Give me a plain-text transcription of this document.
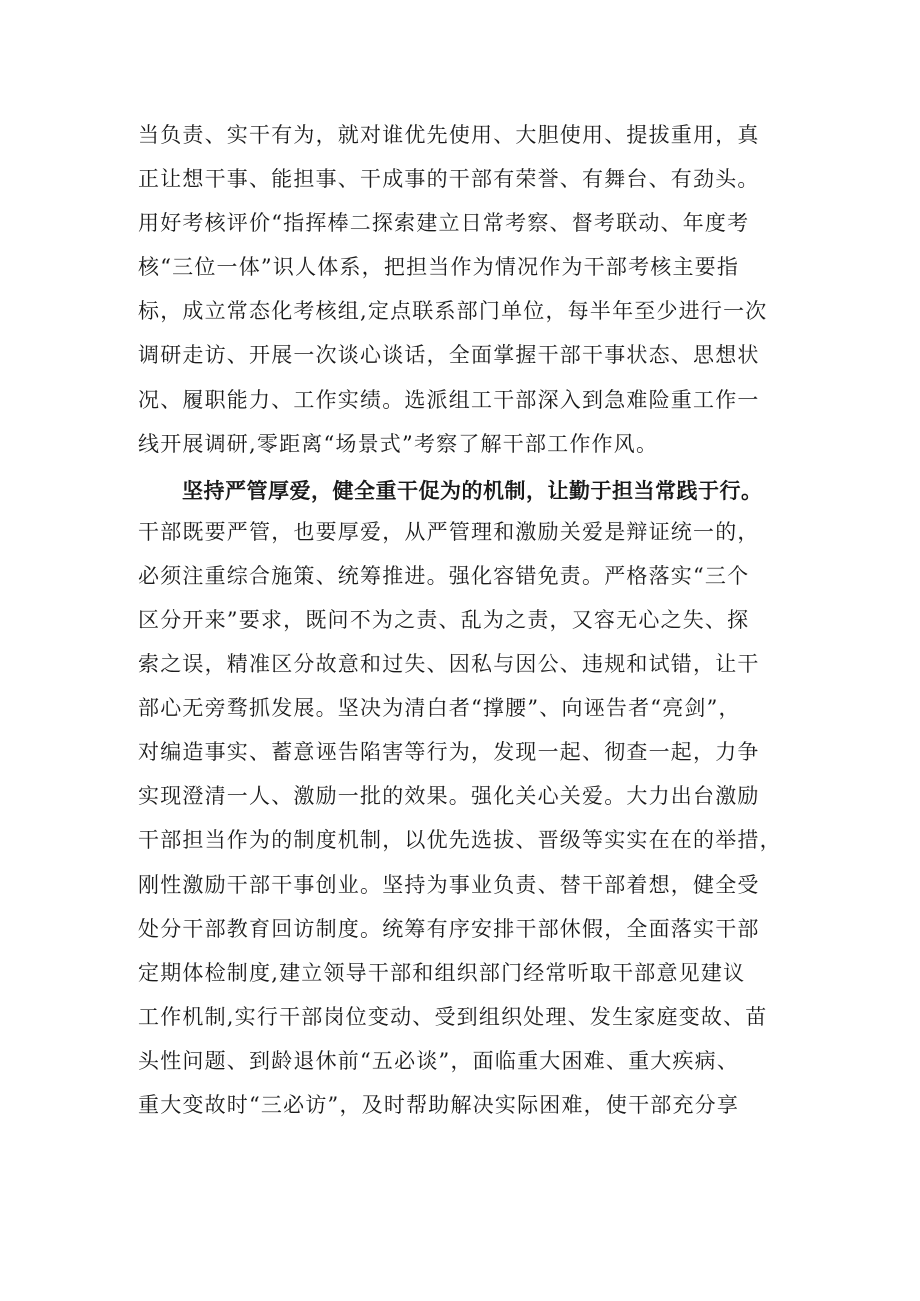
当负责、实干有为，就对谁优先使用、大胆使用、提拔重用，真
正让想干事、能担事、干成事的干部有荣誉、有舞台、有劲头。
用好考核评价“指挥棒二探索建立日常考察、督考联动、年度考
核“三位一体”识人体系，把担当作为情况作为干部考核主要指
标，成立常态化考核组,定点联系部门单位，每半年至少进行一次
调研走访、开展一次谈心谈话，全面掌握干部干事状态、思想状
况、履职能力、工作实绩。选派组工干部深入到急难险重工作一
线开展调研,零距离“场景式”考察了解干部工作作风。
坚持严管厚爱，健全重干促为的机制，让勤于担当常践于行。
干部既要严管，也要厚爱，从严管理和激励关爱是辩证统一的，
必须注重综合施策、统筹推进。强化容错免责。严格落实“三个
区分开来”要求，既问不为之责、乱为之责，又容无心之失、探
索之误，精准区分故意和过失、因私与因公、违规和试错，让干
部心无旁骛抓发展。坚决为清白者“撑腰”、向诬告者“亮剑”，
对编造事实、蓄意诬告陷害等行为，发现一起、彻查一起，力争
实现澄清一人、激励一批的效果。强化关心关爱。大力出台激励
干部担当作为的制度机制，以优先选拔、晋级等实实在在的举措，
刚性激励干部干事创业。坚持为事业负责、替干部着想，健全受
处分干部教育回访制度。统筹有序安排干部休假，全面落实干部
定期体检制度,建立领导干部和组织部门经常听取干部意见建议
工作机制,实行干部岗位变动、受到组织处理、发生家庭变故、苗
头性问题、到龄退休前“五必谈”，面临重大困难、重大疾病、
重大变故时“三必访”，及时帮助解决实际困难，使干部充分享
